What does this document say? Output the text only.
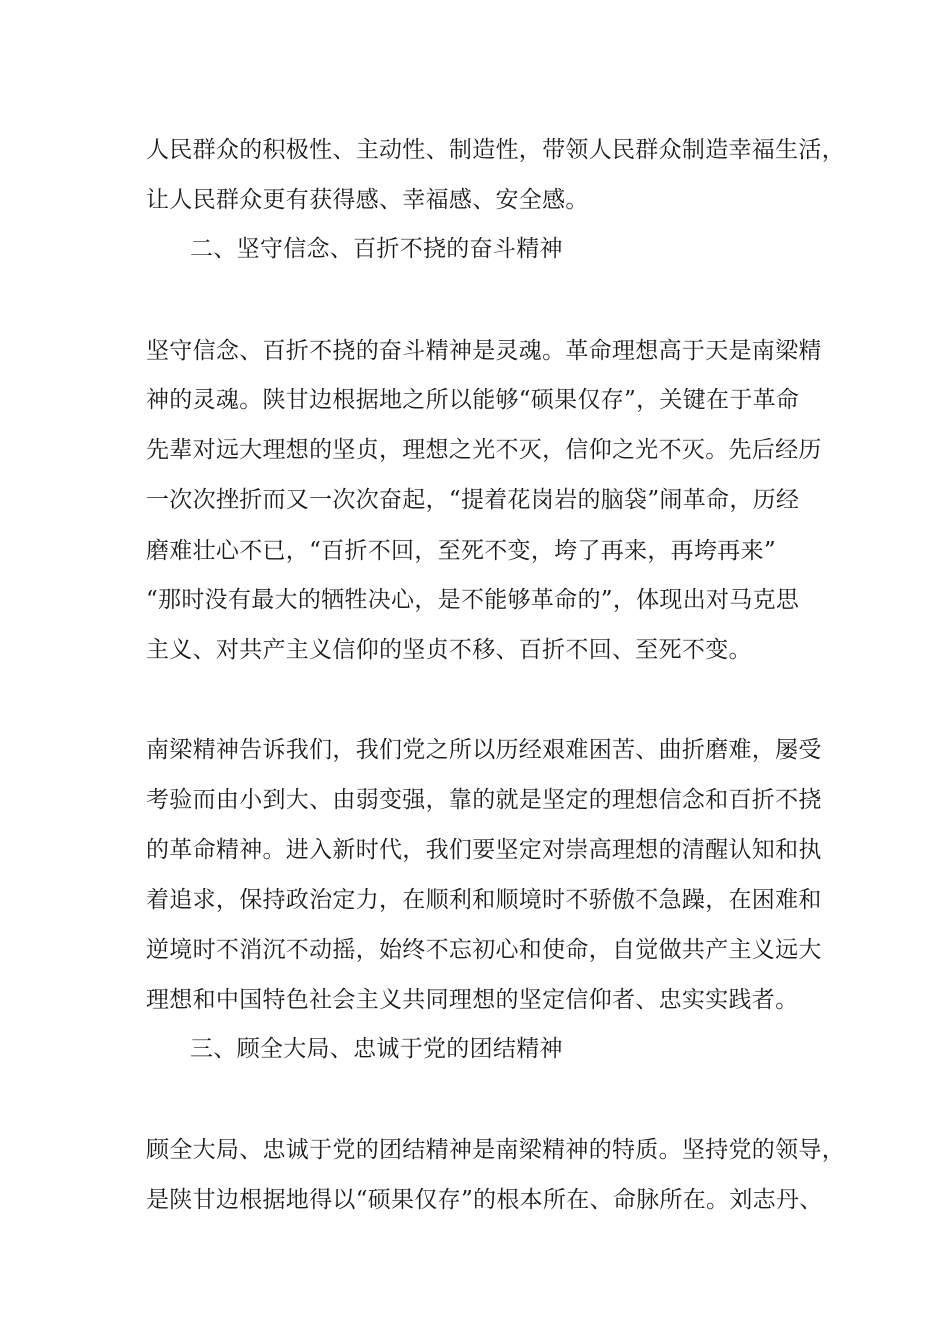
人民群众的积极性、主动性、制造性，带领人民群众制造幸福生活，
让人民群众更有获得感、幸福感、安全感。
二、坚守信念、百折不挠的奋斗精神
坚守信念、百折不挠的奋斗精神是灵魂。革命理想高于天是南梁精
神的灵魂。陕甘边根据地之所以能够“硕果仅存”，关键在于革命
先辈对远大理想的坚贞，理想之光不灭，信仰之光不灭。先后经历
一次次挫折而又一次次奋起，“提着花岗岩的脑袋”闹革命，历经
磨难壮心不已，“百折不回，至死不变，垮了再来，再垮再来”
“那时没有最大的牺牲决心，是不能够革命的”，体现出对马克思
主义、对共产主义信仰的坚贞不移、百折不回、至死不变。
南梁精神告诉我们，我们党之所以历经艰难困苦、曲折磨难，屡受
考验而由小到大、由弱变强，靠的就是坚定的理想信念和百折不挠
的革命精神。进入新时代，我们要坚定对崇高理想的清醒认知和执
着追求，保持政治定力，在顺利和顺境时不骄傲不急躁，在困难和
逆境时不消沉不动摇，始终不忘初心和使命，自觉做共产主义远大
理想和中国特色社会主义共同理想的坚定信仰者、忠实实践者。
三、顾全大局、忠诚于党的团结精神
顾全大局、忠诚于党的团结精神是南梁精神的特质。坚持党的领导，
是陕甘边根据地得以“硕果仅存”的根本所在、命脉所在。刘志丹、
